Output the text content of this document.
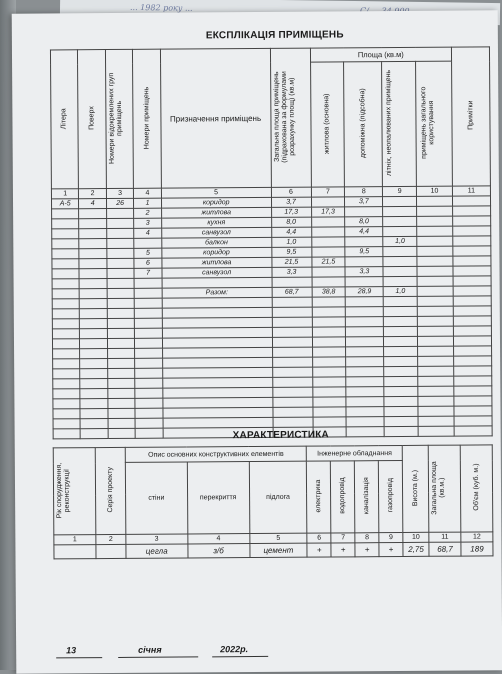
... 1982 року ...
ЕКСПЛІКАЦІЯ ПРИМІЩЕНЬ
Літера	Поверх	Номери відокремлених груп приміщень	Номери приміщень	Призначення приміщень	Загальна площа приміщень (підрахована за формулами розрахунку площ) (кв.м)	Площа (кв.м)				Примітки
						житлова (основна)	допоміжна (підсобна)	літніх, неопалюваних приміщень	приміщень загального користування	
1	2	3	4	5	6	7	8	9	10	11
А-5	4	26	1	коридор	3,7		3,7			
			2	житлова	17,3	17,3				
			3	кухня	8,0		8,0			
			4	санвузол	4,4		4,4			
				балкон	1,0			1,0		
			5	коридор	9,5		9,5			
			6	житлова	21,5	21,5				
			7	санвузол	3,3		3,3			

				Разом:	68,7	38,8	28,9	1,0		

ХАРАКТЕРИСТИКА
Рік спорудження, реконструкції	Серія проекту	Опис основних конструктивних елементів			Інженерне обладнання				Висота (м.)	Загальна площа (кв.м.)	Об'єм (куб. м.)
		стіни	перекриття	підлога	електрика	водопровід	каналізація	газопровід			

1	2	3	4	5	6	7	8	9	10	11	12
		цегла	з/б	цемент	+	+	+	+	2,75	68,7	189
13	січня	2022р.
